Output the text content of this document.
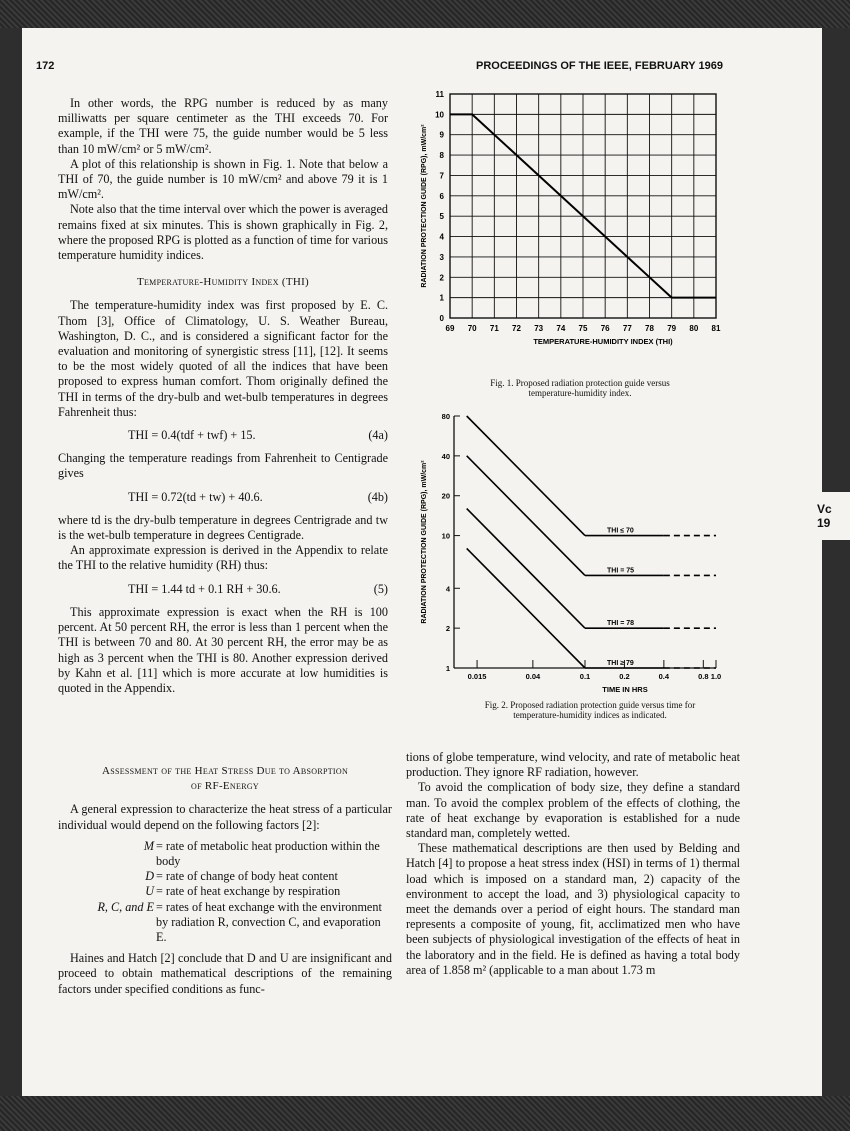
Vc
19
172	PROCEEDINGS OF THE IEEE, FEBRUARY 1969

In other words, the RPG number is reduced by as many milliwatts per square centimeter as the THI exceeds 70. For example, if the THI were 75, the guide number would be 5 less than 10 mW/cm² or 5 mW/cm².

A plot of this relationship is shown in Fig. 1. Note that below a THI of 70, the guide number is 10 mW/cm² and above 79 it is 1 mW/cm².

Note also that the time interval over which the power is averaged remains fixed at six minutes. This is shown graphically in Fig. 2, where the proposed RPG is plotted as a function of time for various temperature humidity indices.

Temperature-Humidity Index (THI)

The temperature-humidity index was first proposed by E. C. Thom [3], Office of Climatology, U. S. Weather Bureau, Washington, D. C., and is considered a significant factor for the evaluation and monitoring of synergistic stress [11], [12]. It seems to be the most widely quoted of all the indices that have been proposed to express human comfort. Thom originally defined the THI in terms of the dry-bulb and wet-bulb temperatures in degrees Fahrenheit thus:

THI = 0.4(tdf + twf) + 15.	(4a)

Changing the temperature readings from Fahrenheit to Centigrade gives

THI = 0.72(td + tw) + 40.6.	(4b)

where td is the dry-bulb temperature in degrees Centrigrade and tw is the wet-bulb temperature in degrees Centigrade.

An approximate expression is derived in the Appendix to relate the THI to the relative humidity (RH) thus:

THI = 1.44 td + 0.1 RH + 30.6.	(5)

This approximate expression is exact when the RH is 100 percent. At 50 percent RH, the error is less than 1 percent when the THI is between 70 and 80. At 30 percent RH, the error may be as high as 3 percent when the THI is 80. Another expression derived by Kahn et al. [11] which is more accurate at low humidities is quoted in the Appendix.

Assessment of the Heat Stress Due to Absorption
of RF-Energy

A general expression to characterize the heat stress of a particular individual would depend on the following factors [2]:

M = rate of metabolic heat production within the body
D = rate of change of body heat content
U = rate of heat exchange by respiration
R, C, and E = rates of heat exchange with the environment by radiation R, convection C, and evaporation E.

Haines and Hatch [2] conclude that D and U are insignificant and proceed to obtain mathematical descriptions of the remaining factors under specified conditions as func-

tions of globe temperature, wind velocity, and rate of metabolic heat production. They ignore RF radiation, however.

To avoid the complication of body size, they define a standard man. To avoid the complex problem of the effects of clothing, the rate of heat exchange by evaporation is established for a nude standard man, completely wetted.

These mathematical descriptions are then used by Belding and Hatch [4] to propose a heat stress index (HSI) in terms of 1) thermal load which is imposed on a standard man, 2) capacity of the environment to accept the load, and 3) physiological capacity to meet the demands over a period of eight hours. The standard man represents a composite of young, fit, acclimatized men who have been subjects of physiological investigation of the effects of heat in the laboratory and in the field. He is defined as having a total body area of 1.858 m² (applicable to a man about 1.73 m

69 70 71 72 73 74 75 76 77 78 79 80 81
0
1
2
3
4
5
6
7
8
9
10
11
TEMPERATURE-HUMIDITY INDEX (THI)
RADIATION PROTECTION GUIDE (RPG), mW/cm²
Fig. 1. Proposed radiation protection guide versus
temperature-humidity index.
0.015	0.04	0.1	0.2	0.4	0.8 1.0
1
2
4
10
20
40
80
THI ≤ 70
THI = 75
THI = 78
THI ≥ 79
TIME IN HRS
RADIATION PROTECTION GUIDE (RPG), mW/cm²
Fig. 2. Proposed radiation protection guide versus time for
temperature-humidity indices as indicated.
